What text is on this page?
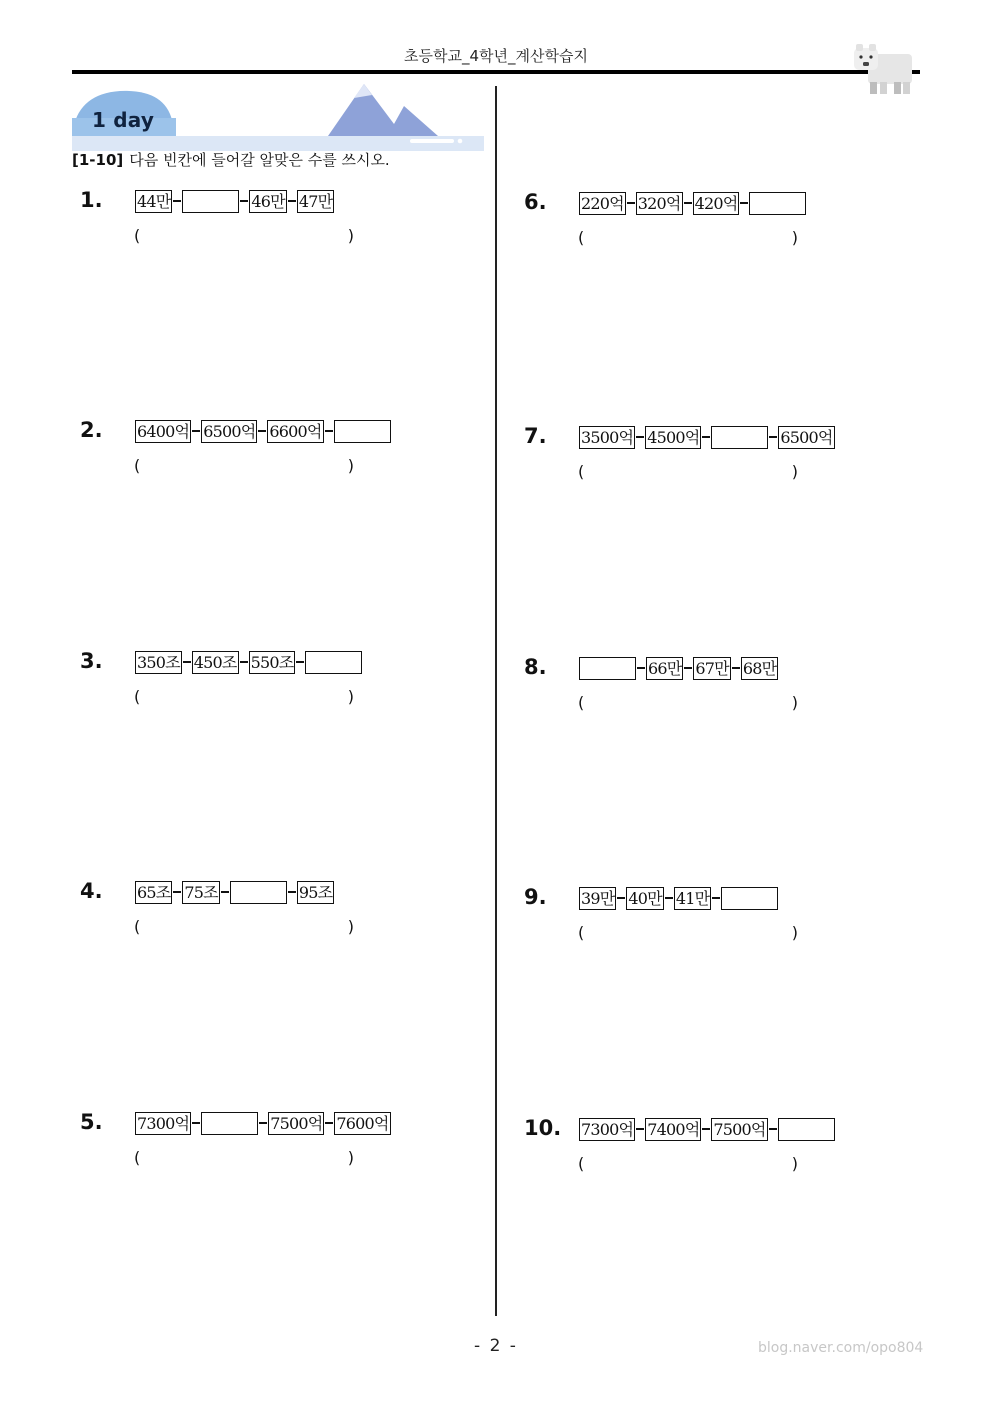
초등학교_4학년_계산학습지
1 day
[1-10] 다음 빈칸에 들어갈 알맞은 수를 쓰시오.
1. 44만	46만 47만
(	)
2. 6400억 6500억 6600억
(	)
3. 350조 450조 550조
(	)
4. 65조 75조	95조
(	)
5. 7300억	7500억 7600억
(	)
6. 220억 320억 420억
(	)
7. 3500억 4500억	6500억
(	)
8.	66만 67만 68만
(	)
9. 39만 40만 41만
(	)
10. 7300억 7400억 7500억
(	)
- 2 -	blog.naver.com/opo804
